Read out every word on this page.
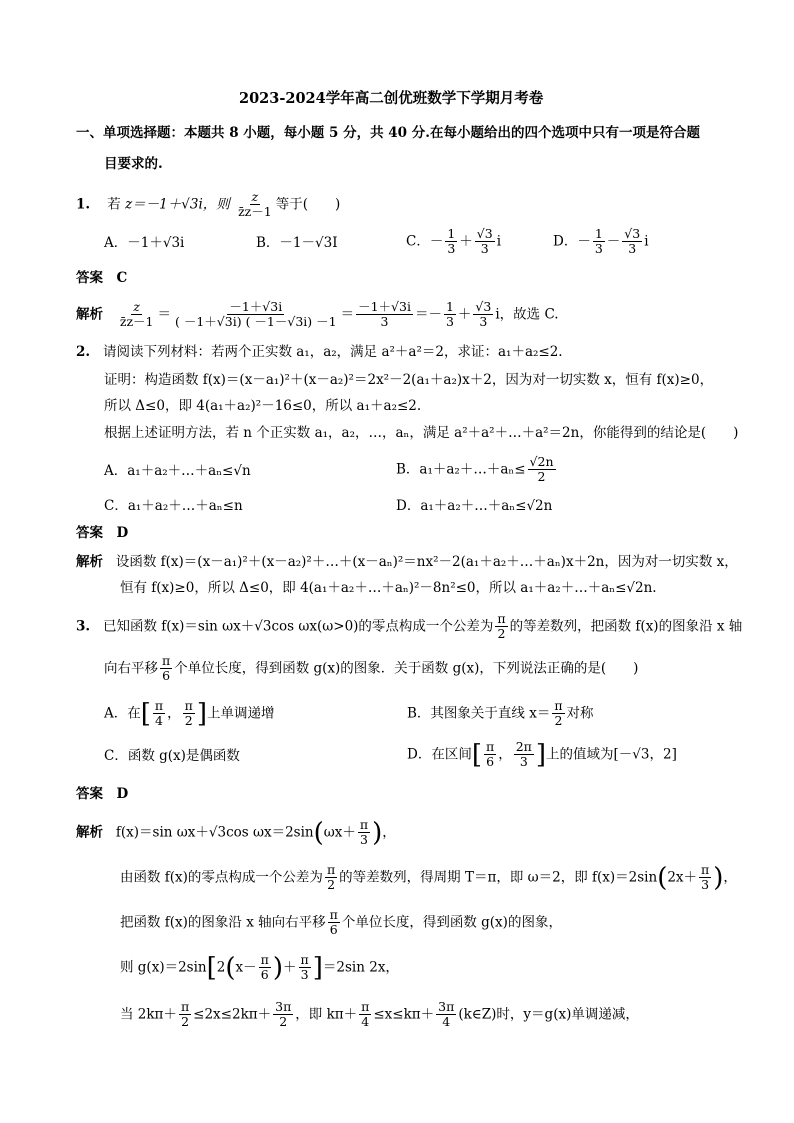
2023-2024学年高二创优班数学下学期月考卷
一、单项选择题：本题共 8 小题，每小题 5 分，共 40 分.在每小题给出的四个选项中只有一项是符合题
目要求的.
1. 若 z＝－1＋√3i，则 $\frac{z}{z̄z-1}$ 等于(　　)
A．－1＋√3i	B．－1－√3I	C．－ $\frac{1}{3} + \frac{√3}{3}$ i	D．－ $\frac{1}{3} - \frac{√3}{3}$ i
答案　C
解析 $\frac{z}{z̄z-1} = \frac{-1+√3i}{( -1+√3i) ( -1-√3i) -1} = \frac{-1+√3i}{3} =- \frac{1}{3} + \frac{√3}{3}$ i，故选 C.
2. 请阅读下列材料：若两个正实数 a₁，a₂，满足 a²＋a²＝2，求证：a₁＋a₂≤2.
证明：构造函数 f(x)＝(x－a₁)²＋(x－a₂)²＝2x²－2(a₁＋a₂)x＋2，因为对一切实数 x，恒有 f(x)≥0，
所以 Δ≤0，即 4(a₁＋a₂)²－16≤0，所以 a₁＋a₂≤2.
根据上述证明方法，若 n 个正实数 a₁，a₂，…，aₙ，满足 a²＋a²＋…＋a²＝2n，你能得到的结论是(　　)
A．a₁＋a₂＋…＋aₙ≤√n	B．a₁＋a₂＋…＋aₙ≤ $\frac{√2n}{2}$
C．a₁＋a₂＋…＋aₙ≤n	D．a₁＋a₂＋…＋aₙ≤√2n
答案　D
解析 设函数 f(x)＝(x－a₁)²＋(x－a₂)²＋…＋(x－aₙ)²＝nx²－2(a₁＋a₂＋…＋aₙ)x＋2n，因为对一切实数 x，
恒有 f(x)≥0，所以 Δ≤0，即 4(a₁＋a₂＋…＋aₙ)²－8n²≤0，所以 a₁＋a₂＋…＋aₙ≤√2n.
3. 已知函数 f(x)＝sin ωx＋√3cos ωx(ω>0)的零点构成一个公差为 $\frac{\pi}{2}$ 的等差数列，把函数 f(x)的图象沿 x 轴
向右平移 $\frac{\pi}{6}$ 个单位长度，得到函数 g(x)的图象．关于函数 g(x)，下列说法正确的是(　　)
A．在[ $\frac{\pi}{4}$ ， $\frac{\pi}{2}$ ]上单调递增	B．其图象关于直线 $x= \frac{\pi}{2}$ 对称
C．函数 g(x)是偶函数	D．在区间[ $\frac{\pi}{6}$ ， $\frac{2\pi}{3}$ ]上的值域为[－√3，2]
答案　D
解析 f(x)＝sin ωx＋√3cos $\omega x=2\sin(\omega x+ \frac{\pi}{3}$ )，
由函数 f(x)的零点构成一个公差为 $\frac{\pi}{2}$ 的等差数列，得周期 T＝π，即 ω＝2，即 $f(x)=2\sin(2x+ \frac{\pi}{3}$ )，
把函数 f(x)的图象沿 x 轴向右平移 $\frac{\pi}{6}$ 个单位长度，得到函数 g(x)的图象，
则 $g(x)=2\sin[2(x- \frac{\pi}{6}$ )＋ $\frac{\pi}{3} ]=2\sin$ 2x，
当 $2k\pi+ \frac{\pi}{2} \le 2x\le 2k\pi+ \frac{3\pi}{2}$ ，即 $k\pi+ \frac{\pi}{4} \le x\le k\pi+ \frac{3\pi}{4}$ (k∈Z)时，y＝g(x)单调递减，
